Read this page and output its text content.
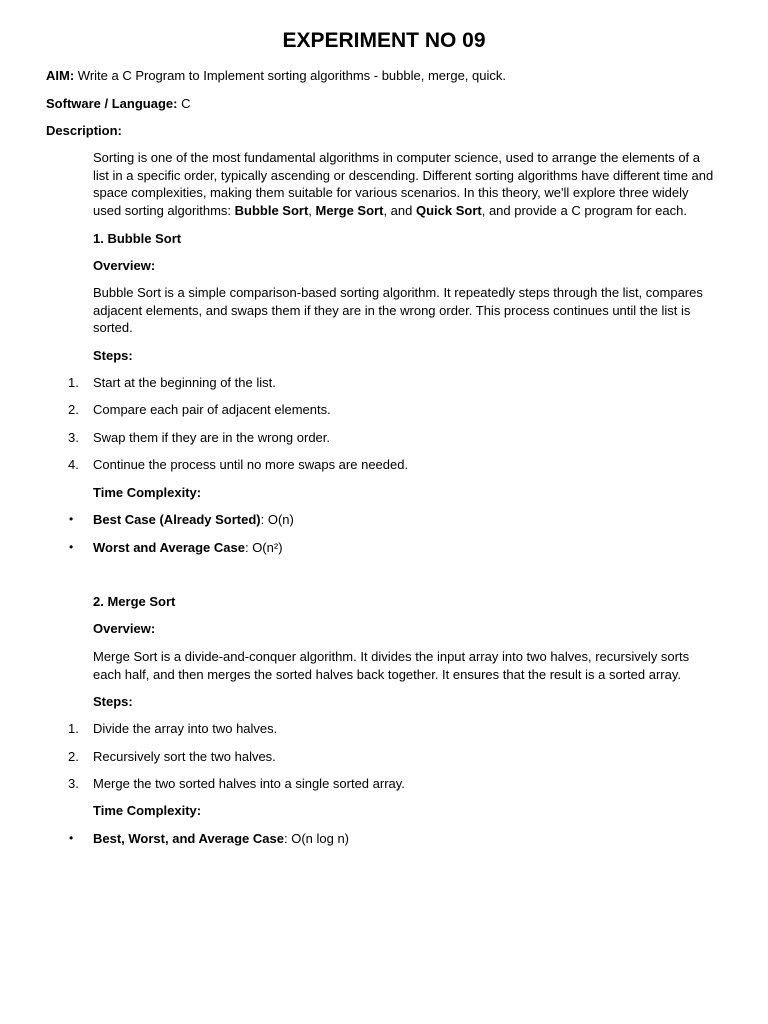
EXPERIMENT NO 09
AIM: Write a C Program to Implement sorting algorithms - bubble, merge, quick.
Software / Language: C
Description:
Sorting is one of the most fundamental algorithms in computer science, used to arrange the elements of a list in a specific order, typically ascending or descending. Different sorting algorithms have different time and space complexities, making them suitable for various scenarios. In this theory, we'll explore three widely used sorting algorithms: Bubble Sort, Merge Sort, and Quick Sort, and provide a C program for each.
1. Bubble Sort
Overview:
Bubble Sort is a simple comparison-based sorting algorithm. It repeatedly steps through the list, compares adjacent elements, and swaps them if they are in the wrong order. This process continues until the list is sorted.
Steps:
1. Start at the beginning of the list.
2. Compare each pair of adjacent elements.
3. Swap them if they are in the wrong order.
4. Continue the process until no more swaps are needed.
Time Complexity:
• Best Case (Already Sorted): O(n)
• Worst and Average Case: O(n²)
2. Merge Sort
Overview:
Merge Sort is a divide-and-conquer algorithm. It divides the input array into two halves, recursively sorts each half, and then merges the sorted halves back together. It ensures that the result is a sorted array.
Steps:
1. Divide the array into two halves.
2. Recursively sort the two halves.
3. Merge the two sorted halves into a single sorted array.
Time Complexity:
• Best, Worst, and Average Case: O(n log n)
